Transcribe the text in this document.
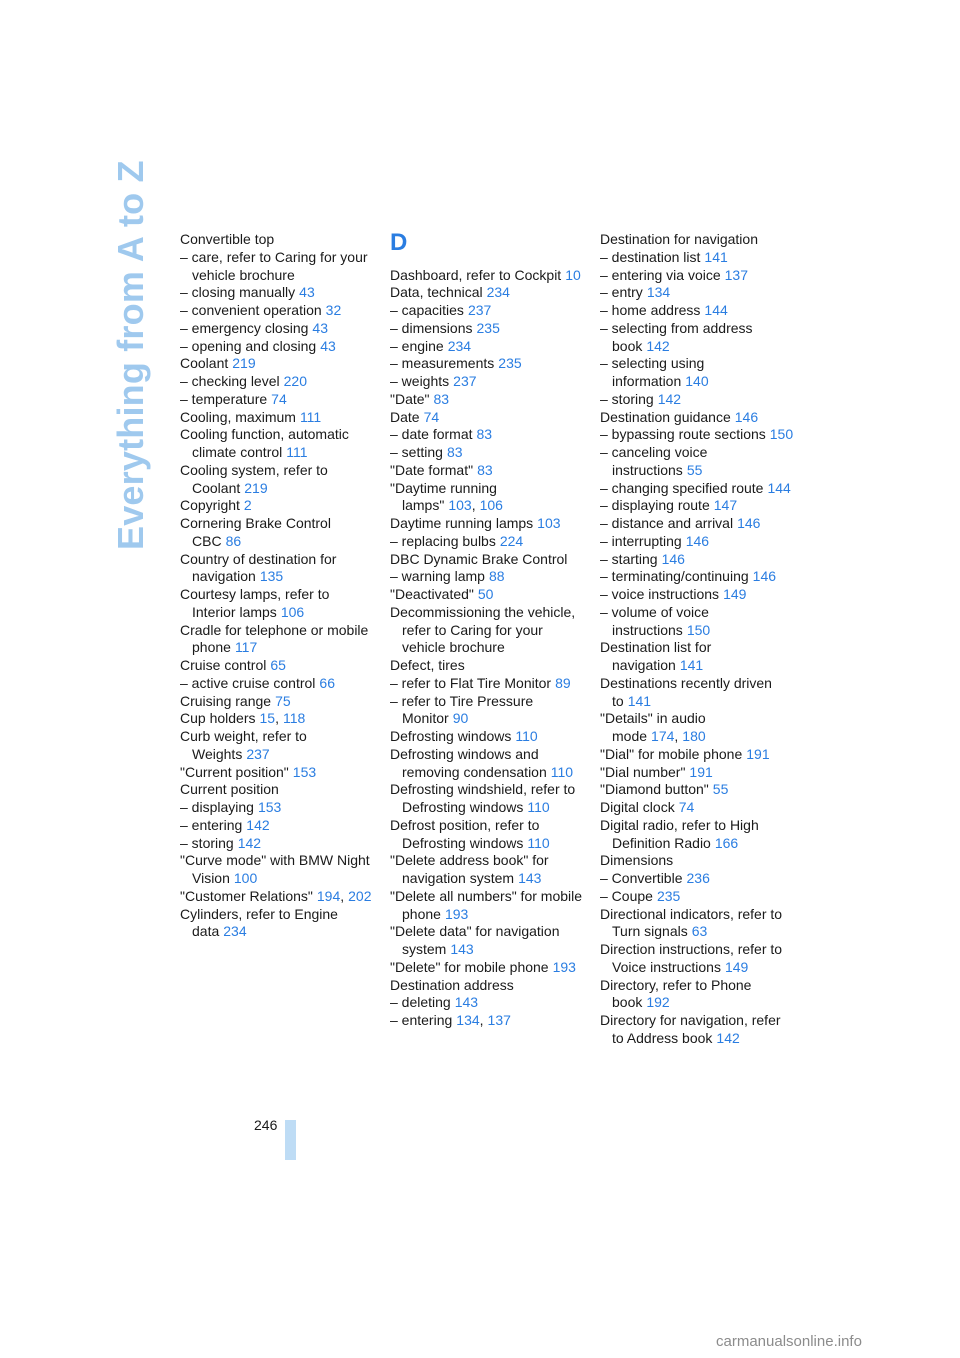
Everything from A to Z Convertible top
– care, refer to Caring for your vehicle brochure
– closing manually 43
– convenient operation 32
– emergency closing 43
– opening and closing 43
Coolant 219
– checking level 220
– temperature 74
Cooling, maximum 111
Cooling function, automatic climate control 111
Cooling system, refer to Coolant 219
Copyright 2
Cornering Brake Control CBC 86
Country of destination for navigation 135
Courtesy lamps, refer to Interior lamps 106
Cradle for telephone or mobile phone 117
Cruise control 65
– active cruise control 66
Cruising range 75
Cup holders 15, 118
Curb weight, refer to Weights 237
"Current position" 153
Current position
– displaying 153
– entering 142
– storing 142
"Curve mode" with BMW Night Vision 100
"Customer Relations" 194, 202
Cylinders, refer to Engine data 234
D
Dashboard, refer to Cockpit 10
Data, technical 234
– capacities 237
– dimensions 235
– engine 234
– measurements 235
– weights 237
"Date" 83
Date 74
– date format 83
– setting 83
"Date format" 83
"Daytime running lamps" 103, 106
Daytime running lamps 103
– replacing bulbs 224
DBC Dynamic Brake Control
– warning lamp 88
"Deactivated" 50
Decommissioning the vehicle, refer to Caring for your vehicle brochure
Defect, tires
– refer to Flat Tire Monitor 89
– refer to Tire Pressure Monitor 90
Defrosting windows 110
Defrosting windows and removing condensation 110
Defrosting windshield, refer to Defrosting windows 110
Defrost position, refer to Defrosting windows 110
"Delete address book" for navigation system 143
"Delete all numbers" for mobile phone 193
"Delete data" for navigation system 143
"Delete" for mobile phone 193
Destination address
– deleting 143
– entering 134, 137
Destination for navigation
– destination list 141
– entering via voice 137
– entry 134
– home address 144
– selecting from address book 142
– selecting using information 140
– storing 142
Destination guidance 146
– bypassing route sections 150
– canceling voice instructions 55
– changing specified route 144
– displaying route 147
– distance and arrival 146
– interrupting 146
– starting 146
– terminating/continuing 146
– voice instructions 149
– volume of voice instructions 150
Destination list for navigation 141
Destinations recently driven to 141
"Details" in audio mode 174, 180
"Dial" for mobile phone 191
"Dial number" 191
"Diamond button" 55
Digital clock 74
Digital radio, refer to High Definition Radio 166
Dimensions
– Convertible 236
– Coupe 235
Directional indicators, refer to Turn signals 63
Direction instructions, refer to Voice instructions 149
Directory, refer to Phone book 192
Directory for navigation, refer to Address book 142
246
carmanualsonline.info
